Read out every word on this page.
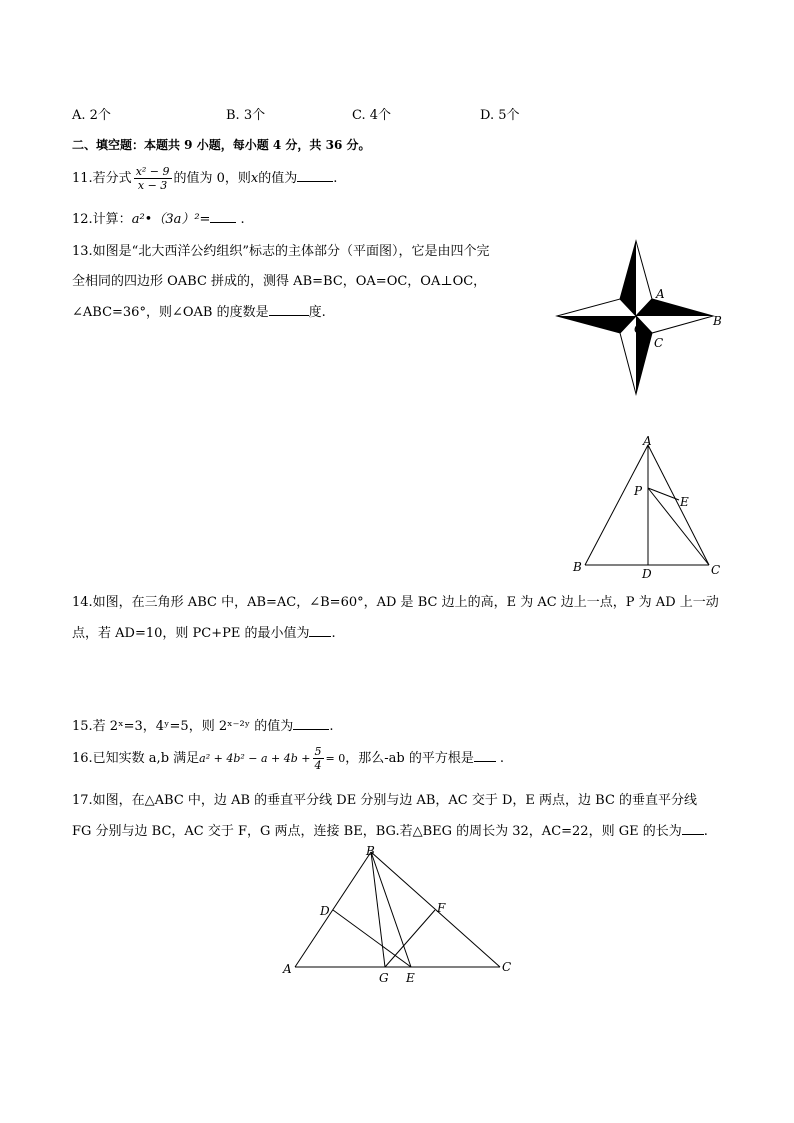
A. 2个	B. 3个	C. 4个	D. 5个
二、填空题：本题共 9 小题，每小题 4 分，共 36 分。
11.若分式 $\frac{\text{x² − 9}}{x - 3}$ 的值为 0，则x的值为	.
12.计算：a²•（3a）²= .
13.如图是“北大西洋公约组织”标志的主体部分（平面图），它是由四个完
全相同的四边形 OABC 拼成的，测得 AB=BC，OA=OC，OA⊥OC，
∠ABC=36°，则∠OAB 的度数是	度.
A
B
C
O
A
B	C
D
P
E
14.如图，在三角形 ABC 中，AB=AC，∠B=60°，AD 是 BC 边上的高，E 为 AC 边上一点，P 为 AD 上一动
点，若 AD=10，则 PC+PE 的最小值为 .
15.若 2ˣ=3，4ʸ=5，则 2ˣ⁻²ʸ 的值为	.
16.已知实数 a,b 满足$a^2 + 4b^2 - a + 4b + \frac{5}{4} = 0$，那么-ab 的平方根是 .
17.如图，在△ABC 中，边 AB 的垂直平分线 DE 分别与边 AB，AC 交于 D，E 两点，边 BC 的垂直平分线
FG 分别与边 BC，AC 交于 F，G 两点，连接 BE，BG.若△BEG 的周长为 32，AC=22，则 GE 的长为 .
B
D	F
A	C
G E
